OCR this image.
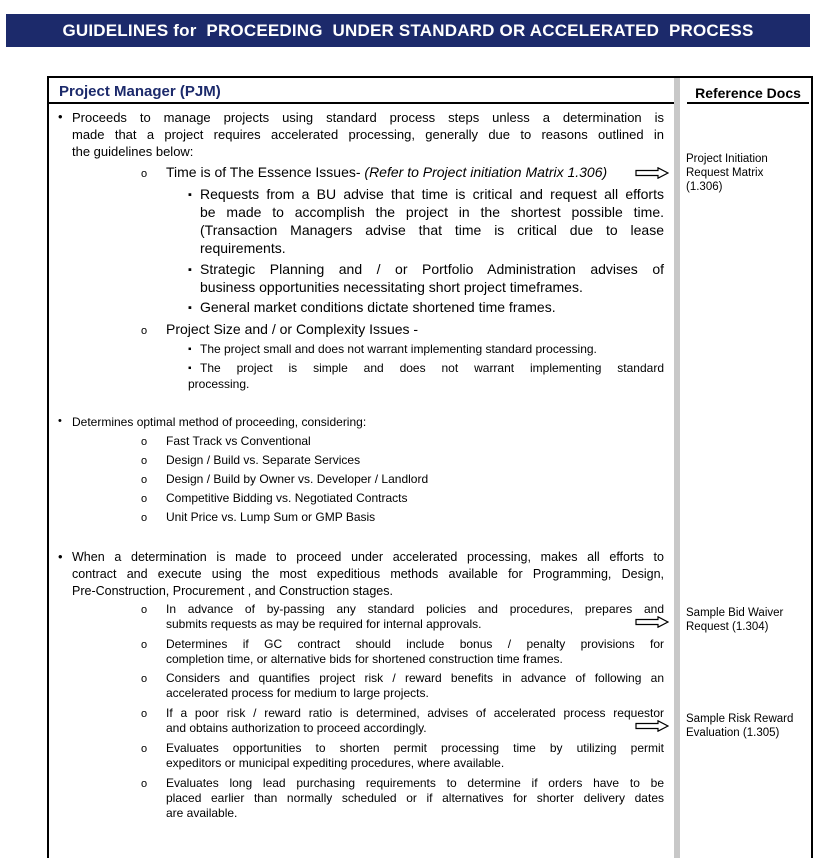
GUIDELINES for  PROCEEDING  UNDER STANDARD OR ACCELERATED  PROCESS
Project Manager (PJM)	Reference Docs
• Proceeds to manage projects using standard process steps unless a determination is
made that a project requires accelerated processing, generally due to reasons outlined in
the guidelines below:
o Time is of The Essence Issues- (Refer to Project initiation Matrix 1.306)
▪ Requests from a BU advise that time is critical and request all efforts
be made to accomplish the project in the shortest possible time.
(Transaction Managers advise that time is critical due to lease
requirements.
▪ Strategic Planning and / or Portfolio Administration advises of
business opportunities necessitating short project timeframes.
▪ General market conditions dictate shortened time frames.
o Project Size and / or Complexity Issues -
▪ The project small and does not warrant implementing standard processing.
▪ The project is simple and does not warrant implementing standard
processing.
Project Initiation
Request Matrix
(1.306)
• Determines optimal method of proceeding, considering:
o Fast Track vs Conventional
o Design / Build vs. Separate Services
o Design / Build by Owner vs. Developer / Landlord
o Competitive Bidding vs. Negotiated Contracts
o Unit Price vs. Lump Sum or GMP Basis
• When a determination is made to proceed under accelerated processing, makes all efforts to
contract and execute using the most expeditious methods available for Programming, Design,
Pre-Construction, Procurement , and Construction stages.
o In advance of by-passing any standard policies and procedures, prepares and
submits requests as may be required for internal approvals.
o Determines if GC contract should include bonus / penalty provisions for
completion time, or alternative bids for shortened construction time frames.
o Considers and quantifies project risk / reward benefits in advance of following an
accelerated process for medium to large projects.
o If a poor risk / reward ratio is determined, advises of accelerated process requestor
and obtains authorization to proceed accordingly.
o Evaluates opportunities to shorten permit processing time by utilizing permit
expeditors or municipal expediting procedures, where available.
o Evaluates long lead purchasing requirements to determine if orders have to be
placed earlier than normally scheduled or if alternatives for shorter delivery dates
are available.
Sample Bid Waiver
Request (1.304)
Sample Risk Reward
Evaluation (1.305)
